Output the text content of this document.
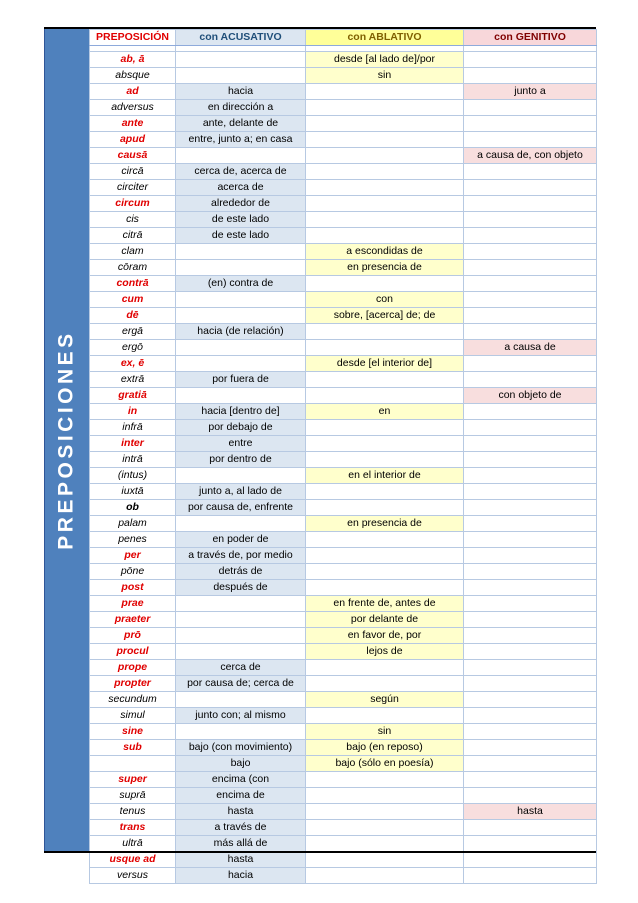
PREPOSICIONES
PREPOSICIÓN	con ACUSATIVO	con ABLATIVO	con GENITIVO

ab, ā		desde [al lado de]/por	
absque		sin	
ad	hacia		junto a
adversus	en dirección a		
ante	ante, delante de		
apud	entre, junto a; en casa		
causā			a causa de, con objeto
circā	cerca de, acerca de		
circiter	acerca de		
circum	alrededor de		
cis	de este lado		
citrā	de este lado		
clam		a escondidas de	
cōram		en presencia de	
contrā	(en) contra de		
cum		con	
dē		sobre, [acerca] de; de	
ergā	hacia (de relación)		
ergō			a causa de
ex, ē		desde [el interior de]	
extrā	por fuera de		
gratiā			con objeto de
in	hacia [dentro de]	en	
infrā	por debajo de		
inter	entre		
intrā	por dentro de		
(intus)		en el interior de	
iuxtā	junto a, al lado de		
ob	por causa de, enfrente		
palam		en presencia de	
penes	en poder de		
per	a través de, por medio		
pōne	detrás de		
post	después de		
prae		en frente de, antes de	
praeter		por delante de	
prō		en favor de, por	
procul		lejos de	
prope	cerca de		
propter	por causa de; cerca de		
secundum		según	
simul	junto con; al mismo		
sine		sin	
sub	bajo (con movimiento)	bajo (en reposo)	
	bajo	bajo (sólo en poesía)	
super	encima (con		
suprā	encima de		
tenus	hasta		hasta
trans	a través de		
ultrā	más allá de		
usque ad	hasta		
versus	hacia		
